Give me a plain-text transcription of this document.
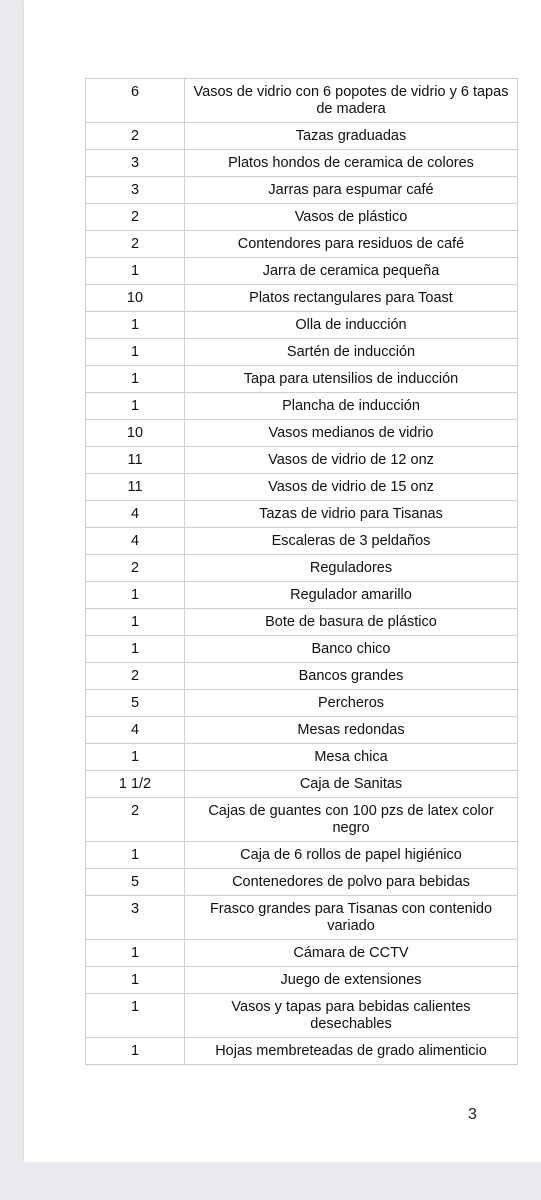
6	Vasos de vidrio con 6 popotes de vidrio y 6 tapas de madera
2	Tazas graduadas
3	Platos hondos de ceramica de colores
3	Jarras para espumar café
2	Vasos de plástico
2	Contendores para residuos de café
1	Jarra de ceramica pequeña
10	Platos rectangulares para Toast
1	Olla de inducción
1	Sartén de inducción
1	Tapa para utensilios de inducción
1	Plancha de inducción
10	Vasos medianos de vidrio
11	Vasos de vidrio de 12 onz
11	Vasos de vidrio de 15 onz
4	Tazas de vidrio para Tisanas
4	Escaleras de 3 peldaños
2	Reguladores
1	Regulador amarillo
1	Bote de basura de plástico
1	Banco chico
2	Bancos grandes
5	Percheros
4	Mesas redondas
1	Mesa chica
1 1/2	Caja de Sanitas
2	Cajas de guantes con 100 pzs de latex color negro
1	Caja de 6 rollos de papel higiénico
5	Contenedores de polvo para bebidas
3	Frasco grandes para Tisanas con contenido variado
1	Cámara de CCTV
1	Juego de extensiones
1	Vasos y tapas para bebidas calientes desechables
1	Hojas membreteadas de grado alimenticio
3
